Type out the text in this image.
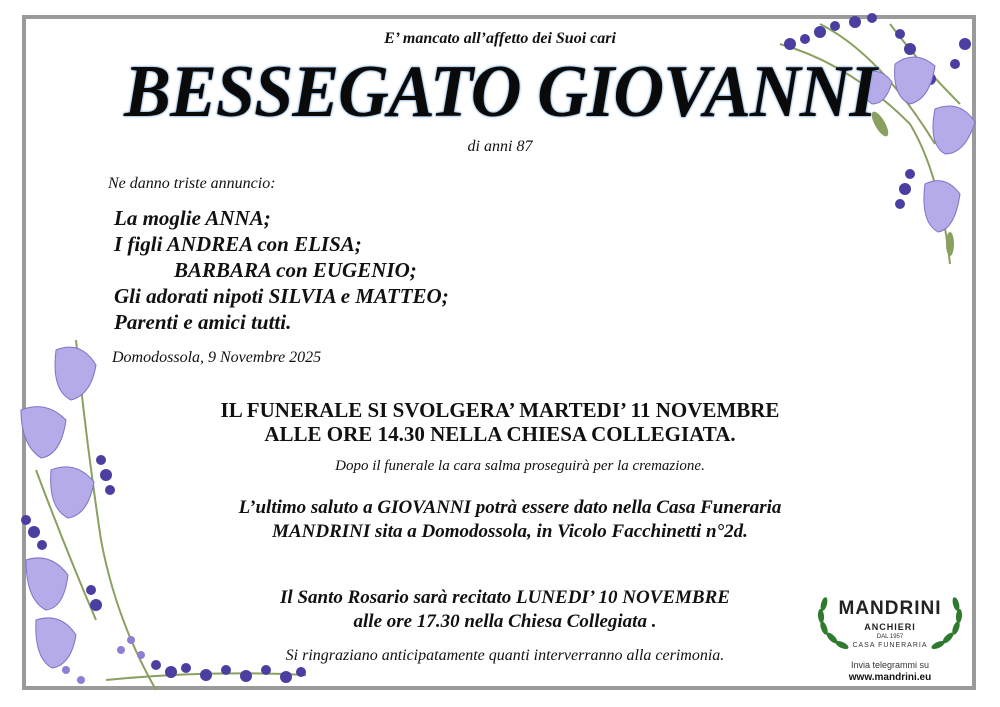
E’ mancato all’affetto dei Suoi cari
BESSEGATO GIOVANNI
di anni 87
Ne danno triste annuncio:
La moglie ANNA;
I figli ANDREA con ELISA;
BARBARA con EUGENIO;
Gli adorati nipoti SILVIA e MATTEO;
Parenti e amici tutti.
Domodossola, 9 Novembre 2025
IL FUNERALE SI SVOLGERA’ MARTEDI’ 11 NOVEMBRE
ALLE ORE 14.30 NELLA CHIESA COLLEGIATA.
Dopo il funerale la cara salma proseguirà per la cremazione.
L’ultimo saluto a GIOVANNI potrà essere dato nella Casa Funeraria
MANDRINI sita a Domodossola, in Vicolo Facchinetti n°2d.
Il Santo Rosario sarà recitato LUNEDI’ 10 NOVEMBRE
alle ore 17.30 nella Chiesa Collegiata .
Si ringraziano anticipatamente quanti interverranno alla cerimonia.
MANDRINI
ANCHIERI
DAL 1957
CASA FUNERARIA
Invia telegrammi su
www.mandrini.eu
